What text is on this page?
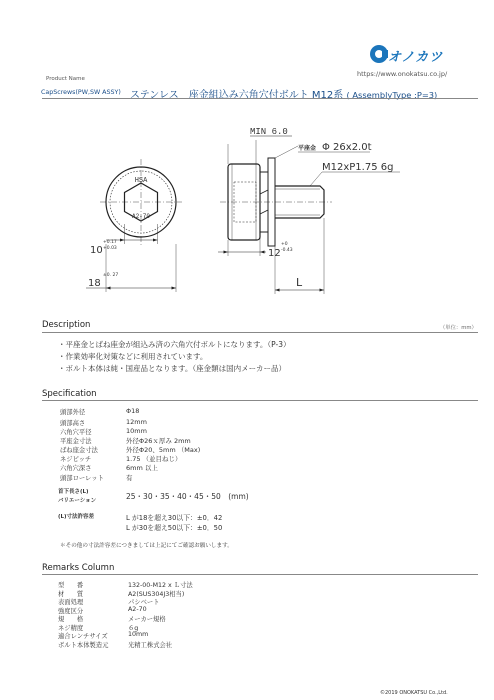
オノカツ
https://www.onokatsu.co.jp/
Product Name
CapScrews(PW,SW ASSY) ステンレス　座金組込み六角穴付ボルト M12系 ( AssemblyType :P=3)
HSA
A2-70
10
+0.17
+0.03
18
±0. 27
MIN 6.0
平座金 Φ 26x2.0t
M12xP1.75 6g
12
+0
-0.43
L
Description	（単位：mm）
・平座金とばね座金が組込み済の六角穴付ボルトになります。（P-3）
・作業効率化対策などに利用されています。
・ボルト本体は純・国産品となります。（座金類は国内メーカー品）
Specification
頭部外径	Φ18
頭部高さ	12mm
六角穴平径	10mm
平座金寸法	外径Φ26ｘ厚み 2mm
ばね座金寸法	外径Φ20、5mm （Max)
ネジピッチ	1.75 （並目ねじ）
六角穴深さ	6mm 以上
頭部ローレット	有
首下長さ(L)
バリエーション	25・30・35・40・45・50　(mm)
(L)寸法許容差	L が18を超え30以下：±0．42
L が30を超え50以下：±0．50
＊その他の寸法許容差につきましては上記にてご確認お願いします。
Remarks Column
型　　番	132-00-M12 x Ｌ寸法
材　　質	A2(SUS304J3相当)
表面処理	パシベート
強度区分	A2-70
規　　格	メーカー規格
ネジ精度	６g
適合レンチサイズ	10mm
ボルト本体製造元	光精工株式会社
©2019 ONOKATSU Co.,Ltd.
